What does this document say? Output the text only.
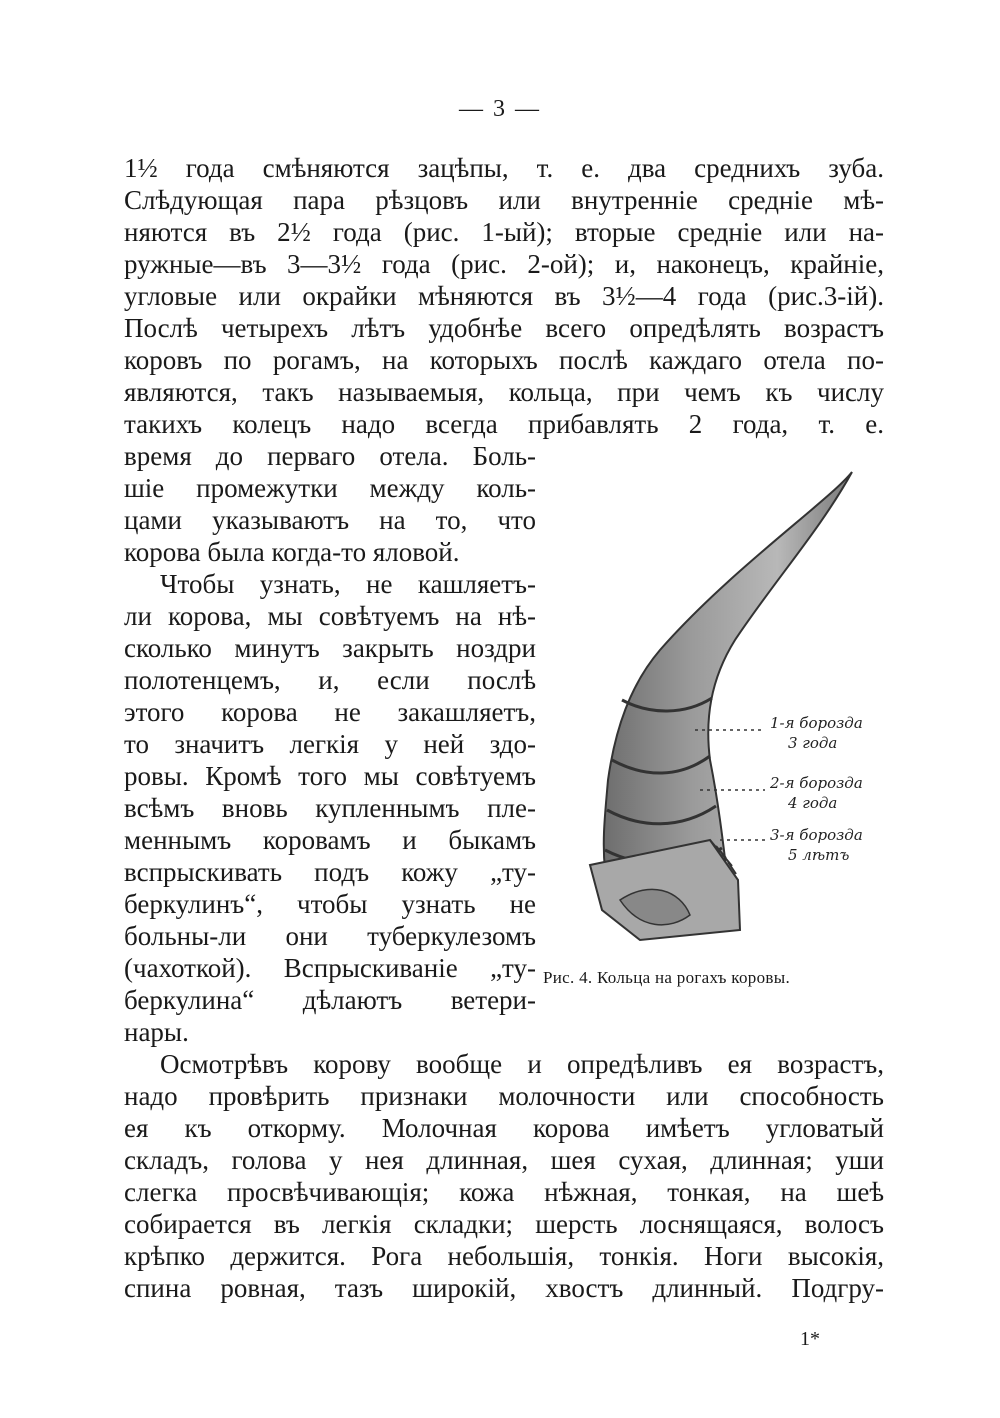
— 3 —
1½ года смѣняются зацѣпы, т. е. два среднихъ зуба.
Слѣдующая пара рѣзцовъ или внутренніе средніе мѣ-
няются въ 2½ года (рис. 1-ый); вторые средніе или на-
ружные—въ 3—3½ года (рис. 2-ой); и, наконецъ, крайніе,
угловые или окрайки мѣняются въ 3½—4 года (рис.3-ій).
Послѣ четырехъ лѣтъ удобнѣе всего опредѣлять возрастъ
коровъ по рогамъ, на которыхъ послѣ каждаго отела по-
являются, такъ называемыя, кольца, при чемъ къ числу
такихъ колецъ надо всегда прибавлять 2 года, т. е.
время до перваго отела. Боль-
шіе промежутки между коль-
цами указываютъ на то, что
корова была когда-то яловой.
Чтобы узнать, не кашляетъ-
ли корова, мы совѣтуемъ на нѣ-
сколько минутъ закрыть ноздри
полотенцемъ, и, если послѣ
этого корова не закашляетъ,
то значитъ легкія у ней здо-
ровы. Кромѣ того мы совѣтуемъ
всѣмъ вновь купленнымъ пле-
меннымъ коровамъ и быкамъ
вспрыскивать подъ кожу „ту-
беркулинъ“, чтобы узнать не
больны-ли они туберкулезомъ
(чахоткой). Вспрыскиваніе „ту-
беркулина“ дѣлаютъ ветери-
нары.
Осмотрѣвъ корову вообще и опредѣливъ ея возрастъ,
надо провѣрить признаки молочности или способность
ея къ откорму. Молочная корова имѣетъ угловатый
складъ, голова у нея длинная, шея сухая, длинная; уши
слегка просвѣчивающія; кожа нѣжная, тонкая, на шеѣ
собирается въ легкія складки; шерсть лоснящаяся, волосъ
крѣпко держится. Рога небольшія, тонкія. Ноги высокія,
спина ровная, тазъ широкій, хвостъ длинный. Подгру-
1-я борозда
3 года
2-я борозда
4 года
3-я борозда
5 лѣтъ
Рис. 4. Кольца на рогахъ коровы.
1*
